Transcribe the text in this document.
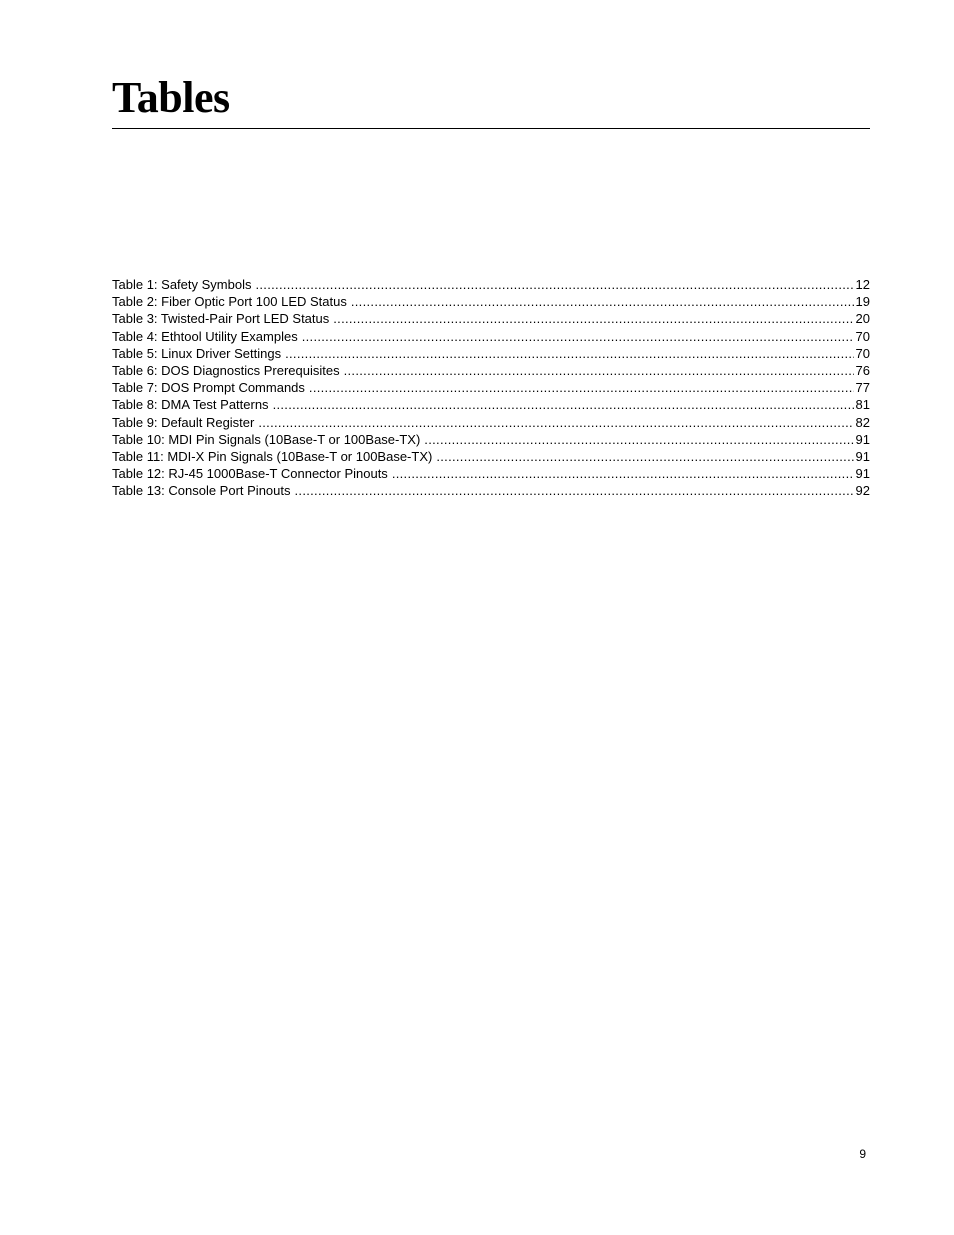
Tables
Table 1: Safety Symbols .....	12
Table 2: Fiber Optic Port 100 LED Status .....	19
Table 3: Twisted-Pair Port LED Status .....	20
Table 4: Ethtool Utility Examples .....	70
Table 5: Linux Driver Settings .....	70
Table 6: DOS Diagnostics Prerequisites .....	76
Table 7: DOS Prompt Commands .....	77
Table 8: DMA Test Patterns .....	81
Table 9: Default Register .....	82
Table 10: MDI Pin Signals (10Base-T or 100Base-TX) .....	91
Table 11: MDI-X Pin Signals (10Base-T or 100Base-TX) .....	91
Table 12: RJ-45 1000Base-T Connector Pinouts .....	91
Table 13: Console Port Pinouts .....	92
9
